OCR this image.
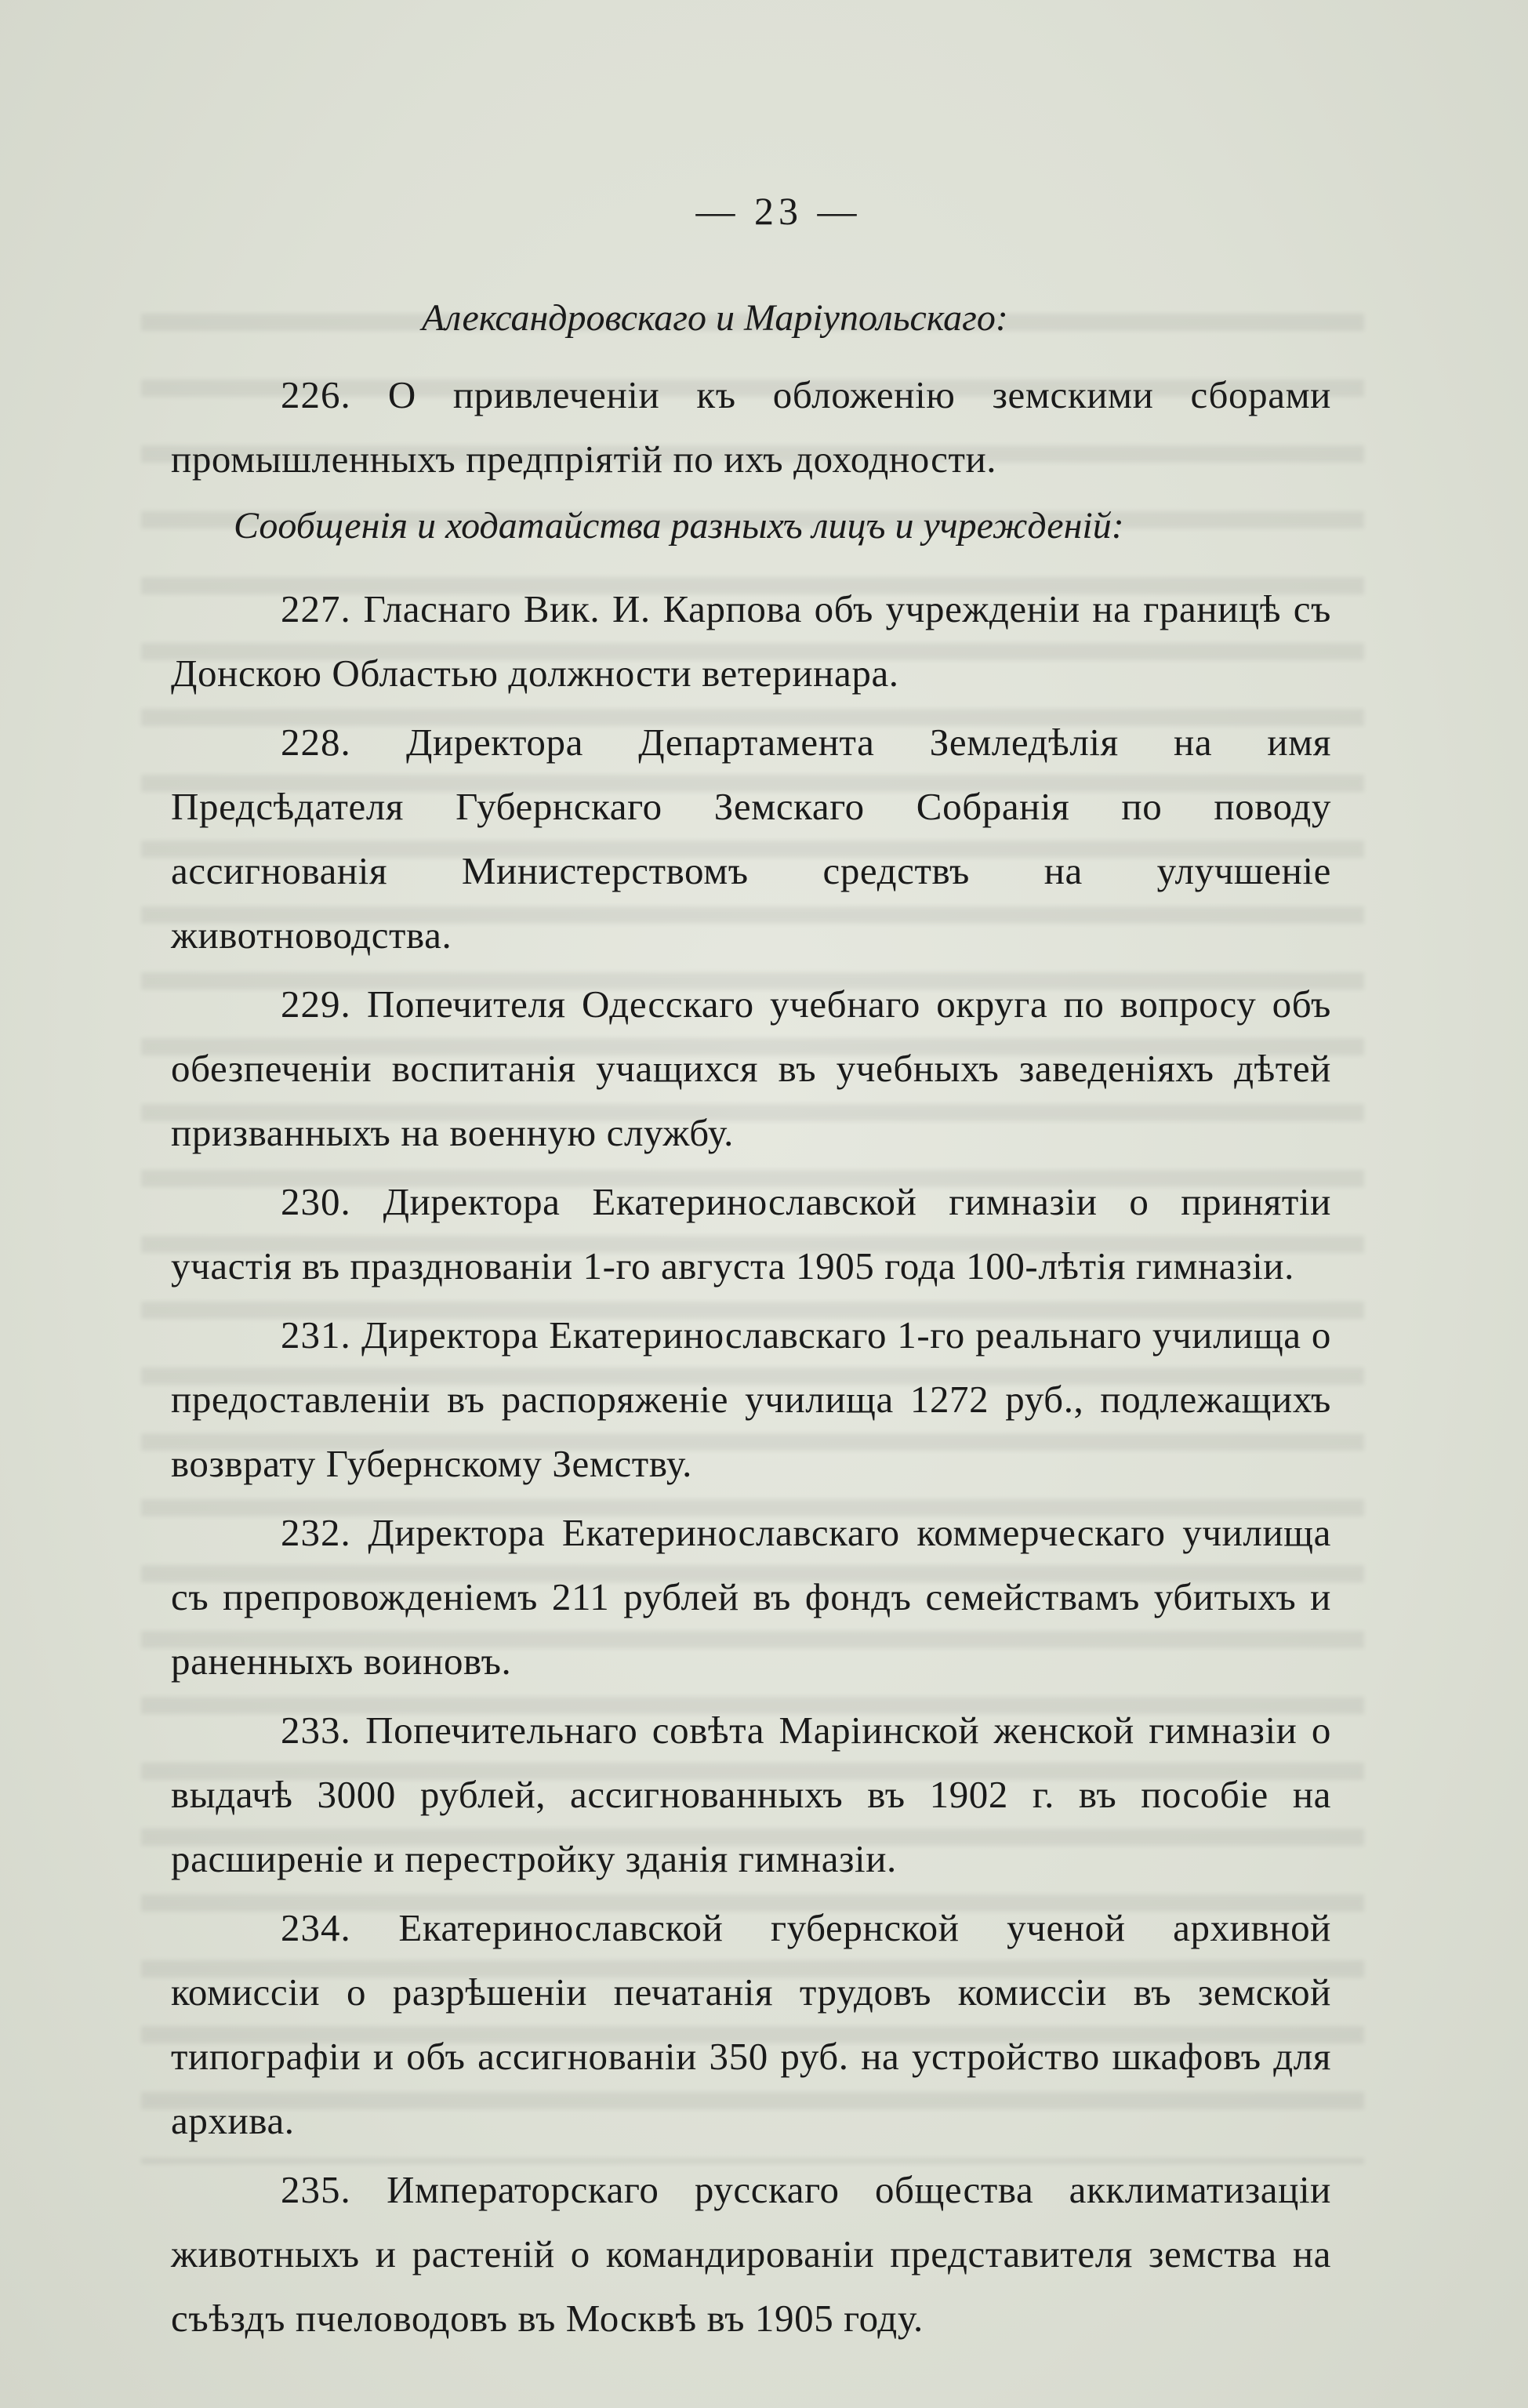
— 23 —
Александровскаго и Маріупольскаго:

226. О привлеченіи къ обложенію земскими сборами промышленныхъ предпріятій по ихъ доходности.

Сообщенія и ходатайства разныхъ лицъ и учрежденій:

227. Гласнаго Вик. И. Карпова объ учрежденіи на границѣ съ Донскою Областью должности ветеринара.

228. Директора Департамента Земледѣлія на имя Предсѣдателя Губернскаго Земскаго Собранія по поводу ассигнованія Министерствомъ средствъ на улучшеніе животноводства.

229. Попечителя Одесскаго учебнаго округа по вопросу объ обезпеченіи воспитанія учащихся въ учебныхъ заведеніяхъ дѣтей призванныхъ на военную службу.

230. Директора Екатеринославской гимназіи о принятіи участія въ празднованіи 1-го августа 1905 года 100-лѣтія гимназіи.

231. Директора Екатеринославскаго 1-го реальнаго училища о предоставленіи въ распоряженіе училища 1272 руб., подлежащихъ возврату Губернскому Земству.

232. Директора Екатеринославскаго коммерческаго училища съ препровожденіемъ 211 рублей въ фондъ семействамъ убитыхъ и раненныхъ воиновъ.

233. Попечительнаго совѣта Маріинской женской гимназіи о выдачѣ 3000 рублей, ассигнованныхъ въ 1902 г. въ пособіе на расширеніе и перестройку зданія гимназіи.

234. Екатеринославской губернской ученой архивной комиссіи о разрѣшеніи печатанія трудовъ комиссіи въ земской типографіи и объ ассигнованіи 350 руб. на устройство шкафовъ для архива.

235. Императорскаго русскаго общества акклиматизаціи животныхъ и растеній о командированіи представителя земства на съѣздъ пчеловодовъ въ Москвѣ въ 1905 году.
